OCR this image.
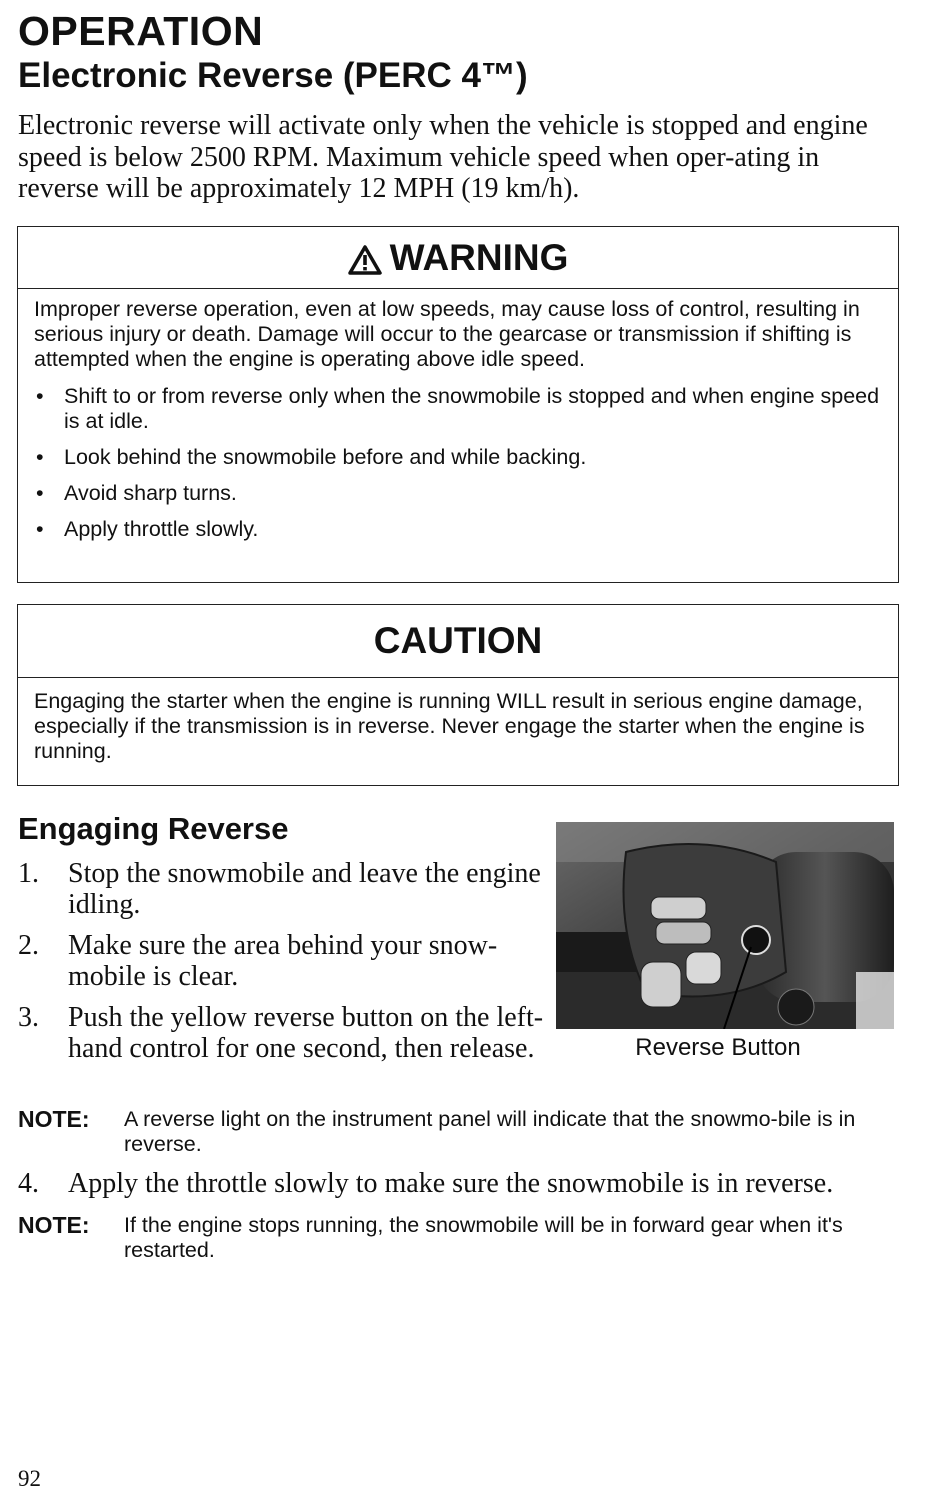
OPERATION
Electronic Reverse (PERC 4™)

Electronic reverse will activate only when the vehicle is stopped and engine speed is below 2500 RPM. Maximum vehicle speed when oper-ating in reverse will be approximately 12 MPH (19 km/h).

WARNING

Improper reverse operation, even at low speeds, may cause loss of control, resulting in serious injury or death. Damage will occur to the gearcase or transmission if shifting is attempted when the engine is operating above idle speed.

• Shift to or from reverse only when the snowmobile is stopped and when engine speed is at idle.
• Look behind the snowmobile before and while backing.
• Avoid sharp turns.
• Apply throttle slowly.
CAUTION

Engaging the starter when the engine is running WILL result in serious engine damage, especially if the transmission is in reverse. Never engage the starter when the engine is running.

Engaging Reverse
1. Stop the snowmobile and leave the engine idling.
2. Make sure the area behind your snow-mobile is clear.
3. Push the yellow reverse button on the left-hand control for one second, then release.	Reverse Button
NOTE: A reverse light on the instrument panel will indicate that the snowmo-bile is in reverse.
4. Apply the throttle slowly to make sure the snowmobile is in reverse.
NOTE: If the engine stops running, the snowmobile will be in forward gear when it's restarted.
92
